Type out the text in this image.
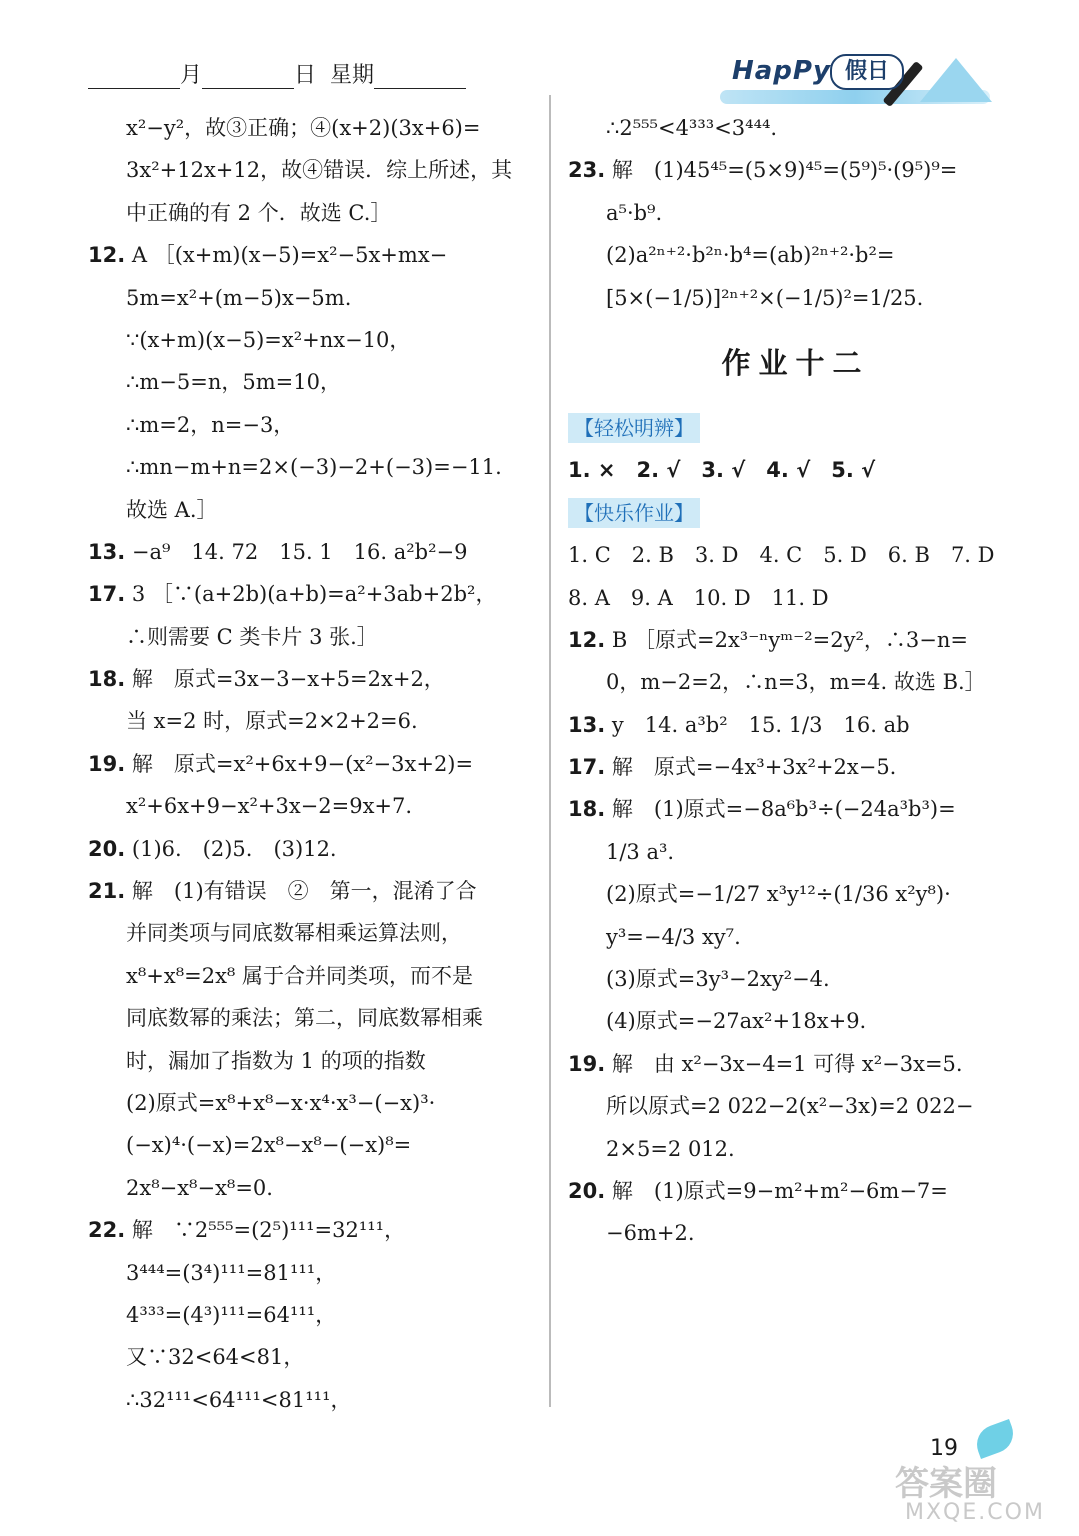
月	日 星期	HapPy 假日
x²−y²，故③正确；④(x+2)(3x+6)=
3x²+12x+12，故④错误．综上所述，其
中正确的有 2 个．故选 C.］
12. A ［(x+m)(x−5)=x²−5x+mx−
5m=x²+(m−5)x−5m.
∵(x+m)(x−5)=x²+nx−10，
∴m−5=n，5m=10，
∴m=2，n=−3，
∴mn−m+n=2×(−3)−2+(−3)=−11.
故选 A.］
13. −a⁹　14. 72　15. 1　16. a²b²−9
17. 3 ［∵(a+2b)(a+b)=a²+3ab+2b²，
∴则需要 C 类卡片 3 张.］
18. 解　原式=3x−3−x+5=2x+2，
当 x=2 时，原式=2×2+2=6.
19. 解　原式=x²+6x+9−(x²−3x+2)=
x²+6x+9−x²+3x−2=9x+7.
20. (1)6.　(2)5.　(3)12.
21. 解　(1)有错误　②　第一，混淆了合
并同类项与同底数幂相乘运算法则，
x⁸+x⁸=2x⁸ 属于合并同类项，而不是
同底数幂的乘法；第二，同底数幂相乘
时，漏加了指数为 1 的项的指数
(2)原式=x⁸+x⁸−x·x⁴·x³−(−x)³·
(−x)⁴·(−x)=2x⁸−x⁸−(−x)⁸=
2x⁸−x⁸−x⁸=0.
22. 解　∵2⁵⁵⁵=(2⁵)¹¹¹=32¹¹¹，
3⁴⁴⁴=(3⁴)¹¹¹=81¹¹¹，
4³³³=(4³)¹¹¹=64¹¹¹，
又∵32<64<81，
∴32¹¹¹<64¹¹¹<81¹¹¹，
∴2⁵⁵⁵<4³³³<3⁴⁴⁴.
23. 解　(1)45⁴⁵=(5×9)⁴⁵=(5⁹)⁵·(9⁵)⁹=
a⁵·b⁹.
(2)a²ⁿ⁺²·b²ⁿ·b⁴=(ab)²ⁿ⁺²·b²=
[5×(−1/5)]²ⁿ⁺²×(−1/5)²=1/25.
作业十二
【轻松明辨】
1. ×　2. √　3. √　4. √　5. √
【快乐作业】
1. C　2. B　3. D　4. C　5. D　6. B　7. D
8. A　9. A　10. D　11. D
12. B ［原式=2x³⁻ⁿyᵐ⁻²=2y²，∴3−n=
0，m−2=2，∴n=3，m=4. 故选 B.］
13. y　14. a³b²　15. 1/3　16. ab
17. 解　原式=−4x³+3x²+2x−5.
18. 解　(1)原式=−8a⁶b³÷(−24a³b³)=
1/3 a³.
(2)原式=−1/27 x³y¹²÷(1/36 x²y⁸)·
y³=−4/3 xy⁷.
(3)原式=3y³−2xy²−4.
(4)原式=−27ax²+18x+9.
19. 解　由 x²−3x−4=1 可得 x²−3x=5.
所以原式=2 022−2(x²−3x)=2 022−
2×5=2 012.
20. 解　(1)原式=9−m²+m²−6m−7=
−6m+2.
19
答案圈
MXQE.COM
